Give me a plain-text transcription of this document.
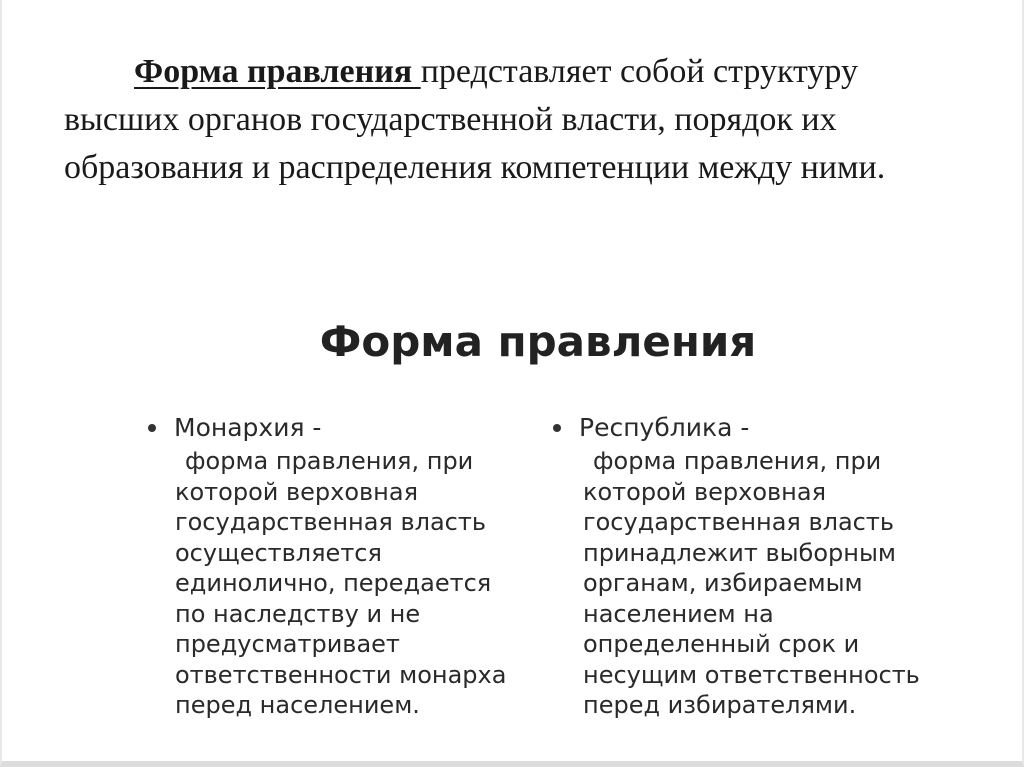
Форма правления представляет собой структуру высших органов государственной власти, порядок их образования и распределения компетенции между ними.

Форма правления

Монархия -

форма правления, при
которой верховная
государственная власть
осуществляется
единолично, передается
по наследству и не
предусматривает
ответственности монарха
перед населением.

Республика -

форма правления, при
которой верховная
государственная власть
принадлежит выборным
органам, избираемым
населением на
определенный срок и
несущим ответственность
перед избирателями.
